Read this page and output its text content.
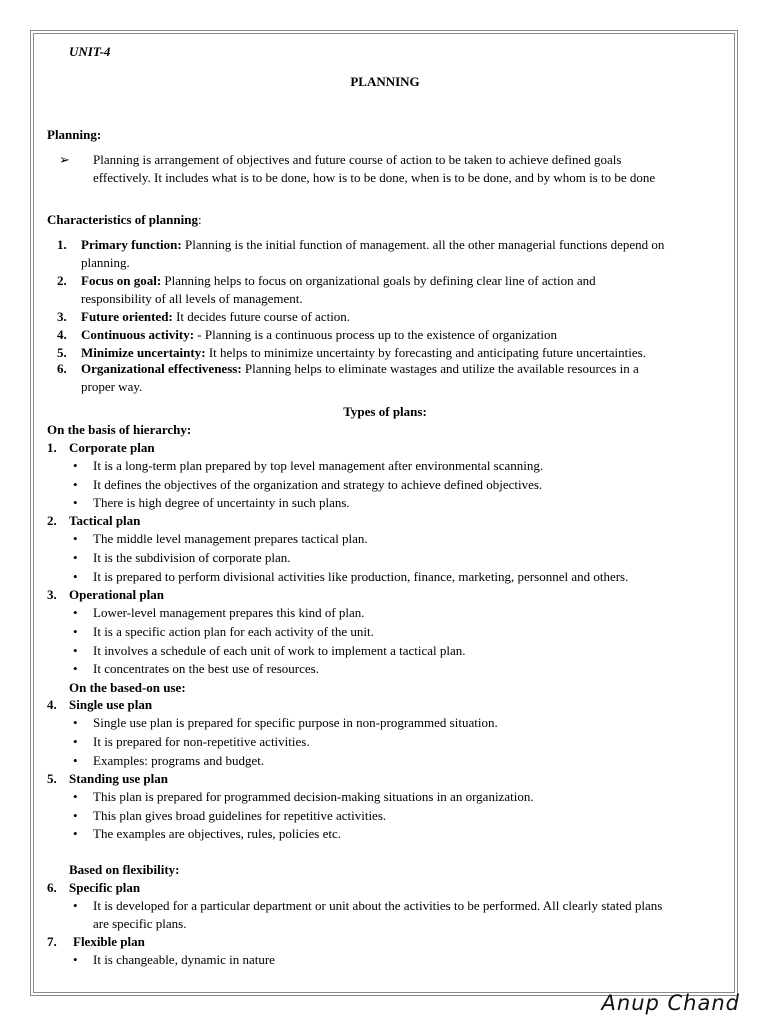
UNIT-4
PLANNING
Planning:
➢ Planning is arrangement of objectives and future course of action to be taken to achieve defined goals
effectively. It includes what is to be done, how is to be done, when is to be done, and by whom is to be done
Characteristics of planning:
1.	Primary function: Planning is the initial function of management. all the other managerial functions depend on
planning.
2.	Focus on goal: Planning helps to focus on organizational goals by defining clear line of action and
responsibility of all levels of management.
3.	Future oriented: It decides future course of action.
4.	Continuous activity: - Planning is a continuous process up to the existence of organization
5.	Minimize uncertainty: It helps to minimize uncertainty by forecasting and anticipating future uncertainties.
6.	Organizational effectiveness: Planning helps to eliminate wastages and utilize the available resources in a
proper way.
Types of plans:
On the basis of hierarchy:
1. Corporate plan
• It is a long-term plan prepared by top level management after environmental scanning.
• It defines the objectives of the organization and strategy to achieve defined objectives.
• There is high degree of uncertainty in such plans.
2. Tactical plan
• The middle level management prepares tactical plan.
• It is the subdivision of corporate plan.
• It is prepared to perform divisional activities like production, finance, marketing, personnel and others.
3. Operational plan
• Lower-level management prepares this kind of plan.
• It is a specific action plan for each activity of the unit.
• It involves a schedule of each unit of work to implement a tactical plan.
• It concentrates on the best use of resources.
On the based-on use:
4. Single use plan
• Single use plan is prepared for specific purpose in non-programmed situation.
• It is prepared for non-repetitive activities.
• Examples: programs and budget.
5. Standing use plan
• This plan is prepared for programmed decision-making situations in an organization.
• This plan gives broad guidelines for repetitive activities.
• The examples are objectives, rules, policies etc.
Based on flexibility:
6. Specific plan
• It is developed for a particular department or unit about the activities to be performed. All clearly stated plans
are specific plans.
7.	Flexible plan
• It is changeable, dynamic in nature
Anup Chand
